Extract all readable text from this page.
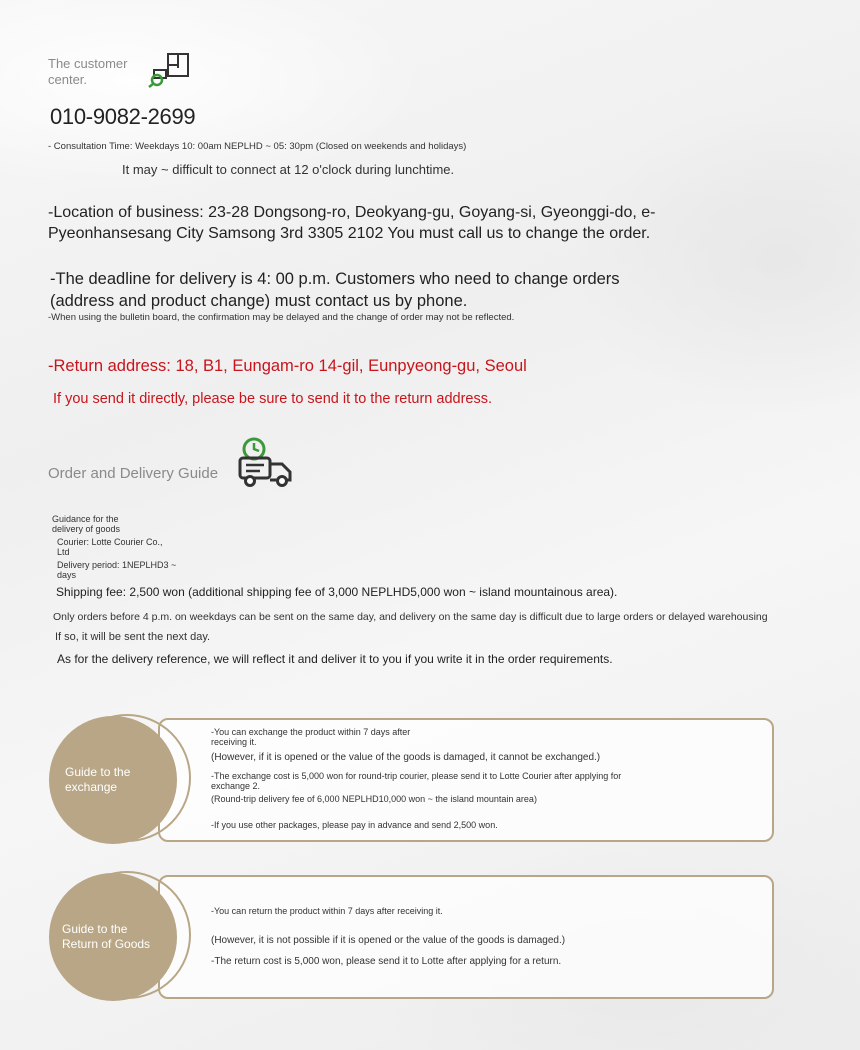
The customer center.
010-9082-2699
- Consultation Time: Weekdays 10: 00am NEPLHD ~ 05: 30pm (Closed on weekends and holidays)
It may ~ difficult to connect at 12 o'clock during lunchtime.
-Location of business: 23-28 Dongsong-ro, Deokyang-gu, Goyang-si, Gyeonggi-do, e-Pyeonhansesang City Samsong 3rd 3305 2102 You must call us to change the order.
-The deadline for delivery is 4: 00 p.m. Customers who need to change orders (address and product change) must contact us by phone.
-When using the bulletin board, the confirmation may be delayed and the change of order may not be reflected.
-Return address: 18, B1, Eungam-ro 14-gil, Eunpyeong-gu, Seoul
If you send it directly, please be sure to send it to the return address.
Order and Delivery Guide
Guidance for the delivery of goods
Courier: Lotte Courier Co., Ltd
Delivery period: 1NEPLHD3 ~ days
Shipping fee: 2,500 won (additional shipping fee of 3,000 NEPLHD5,000 won ~ island mountainous area).
Only orders before 4 p.m. on weekdays can be sent on the same day, and delivery on the same day is difficult due to large orders or delayed warehousing
If so, it will be sent the next day.
As for the delivery reference, we will reflect it and deliver it to you if you write it in the order requirements.
Guide to the exchange
-You can exchange the product within 7 days after receiving it.
(However, if it is opened or the value of the goods is damaged, it cannot be exchanged.)
-The exchange cost is 5,000 won for round-trip courier, please send it to Lotte Courier after applying for exchange 2.
(Round-trip delivery fee of 6,000 NEPLHD10,000 won ~ the island mountain area)
-If you use other packages, please pay in advance and send 2,500 won.
Guide to the Return of Goods
-You can return the product within 7 days after receiving it.
(However, it is not possible if it is opened or the value of the goods is damaged.)
-The return cost is 5,000 won, please send it to Lotte after applying for a return.
